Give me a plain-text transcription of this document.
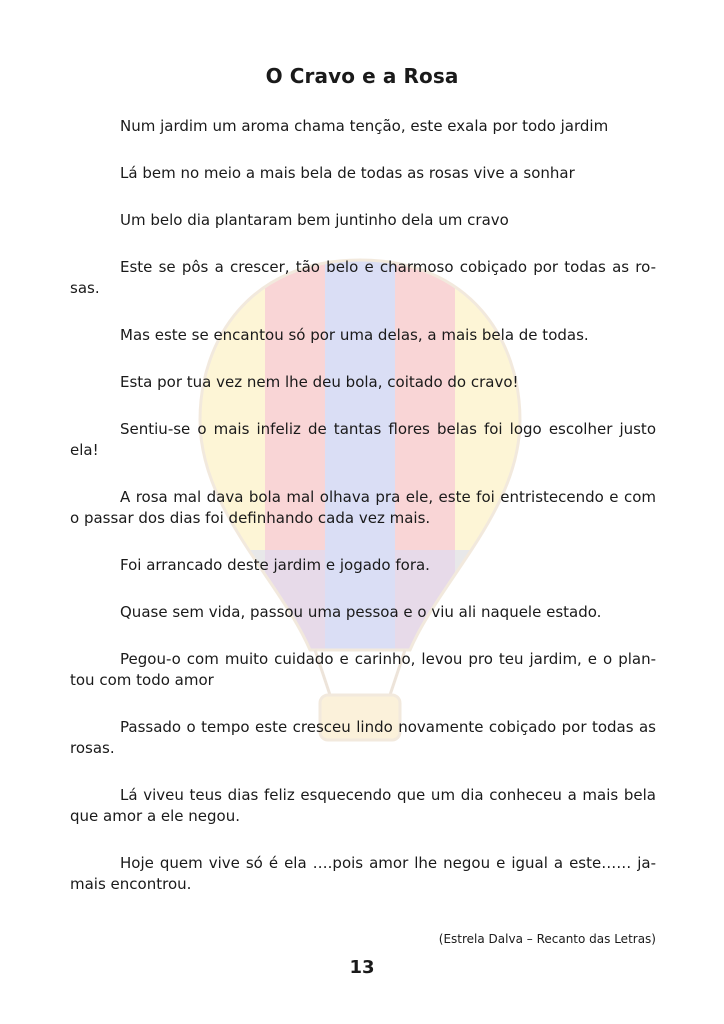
O Cravo e a Rosa

Num jardim um aroma chama tenção, este exala por todo jardim

Lá bem no meio a mais bela de todas as rosas vive a sonhar

Um belo dia plantaram bem juntinho dela um cravo

Este se pôs a crescer, tão belo e charmoso cobiçado por todas as ro-sas.

Mas este se encantou só por uma delas, a mais bela de todas.

Esta por tua vez nem lhe deu bola, coitado do cravo!

Sentiu-se o mais infeliz de tantas flores belas foi logo escolher justo ela!

A rosa mal dava bola mal olhava pra ele, este foi entristecendo e com o passar dos dias foi definhando cada vez mais.

Foi arrancado deste jardim e jogado fora.

Quase sem vida, passou uma pessoa e o viu ali naquele estado.

Pegou-o com muito cuidado e carinho, levou pro teu jardim, e o plan-tou com todo amor

Passado o tempo este cresceu lindo novamente cobiçado por todas as rosas.

Lá viveu teus dias feliz esquecendo que um dia conheceu a mais bela que amor a ele negou.

Hoje quem vive só é ela ….pois amor lhe negou e igual a este…… ja-mais encontrou.

(Estrela Dalva – Recanto das Letras)
13
